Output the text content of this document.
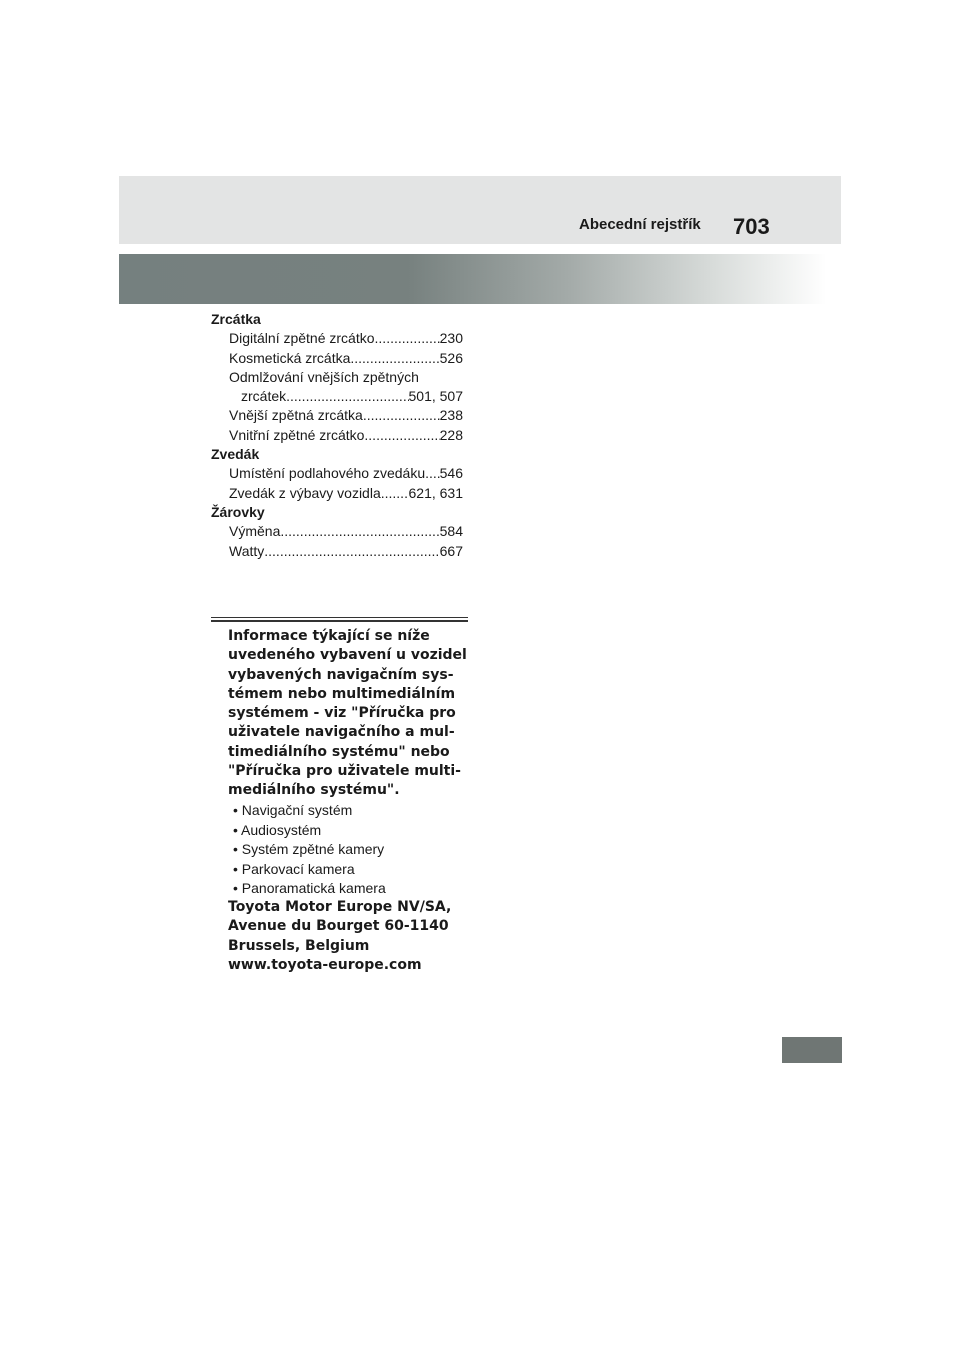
Abecední rejstřík 703
Zrcátka
Digitální zpětné zrcátko .....	230
Kosmetická zrcátka .....	526
Odmlžování vnějších zpětných
zrcátek .....	501, 507
Vnější zpětná zrcátka .....	238
Vnitřní zpětné zrcátko .....	228
Zvedák
Umístění podlahového zvedáku ..... 546
Zvedák z výbavy vozidla ..... 621, 631
Žárovky
Výměna .....	584
Watty .....	667
Informace týkající se níže
uvedeného vybavení u vozidel
vybavených navigačním sys-
témem nebo multimediálním
systémem - viz "Příručka pro
uživatele navigačního a mul-
timediálního systému" nebo
"Příručka pro uživatele multi-
mediálního systému".
• Navigační systém
• Audiosystém
• Systém zpětné kamery
• Parkovací kamera
• Panoramatická kamera
Toyota Motor Europe NV/SA,
Avenue du Bourget 60-1140
Brussels, Belgium
www.toyota-europe.com
